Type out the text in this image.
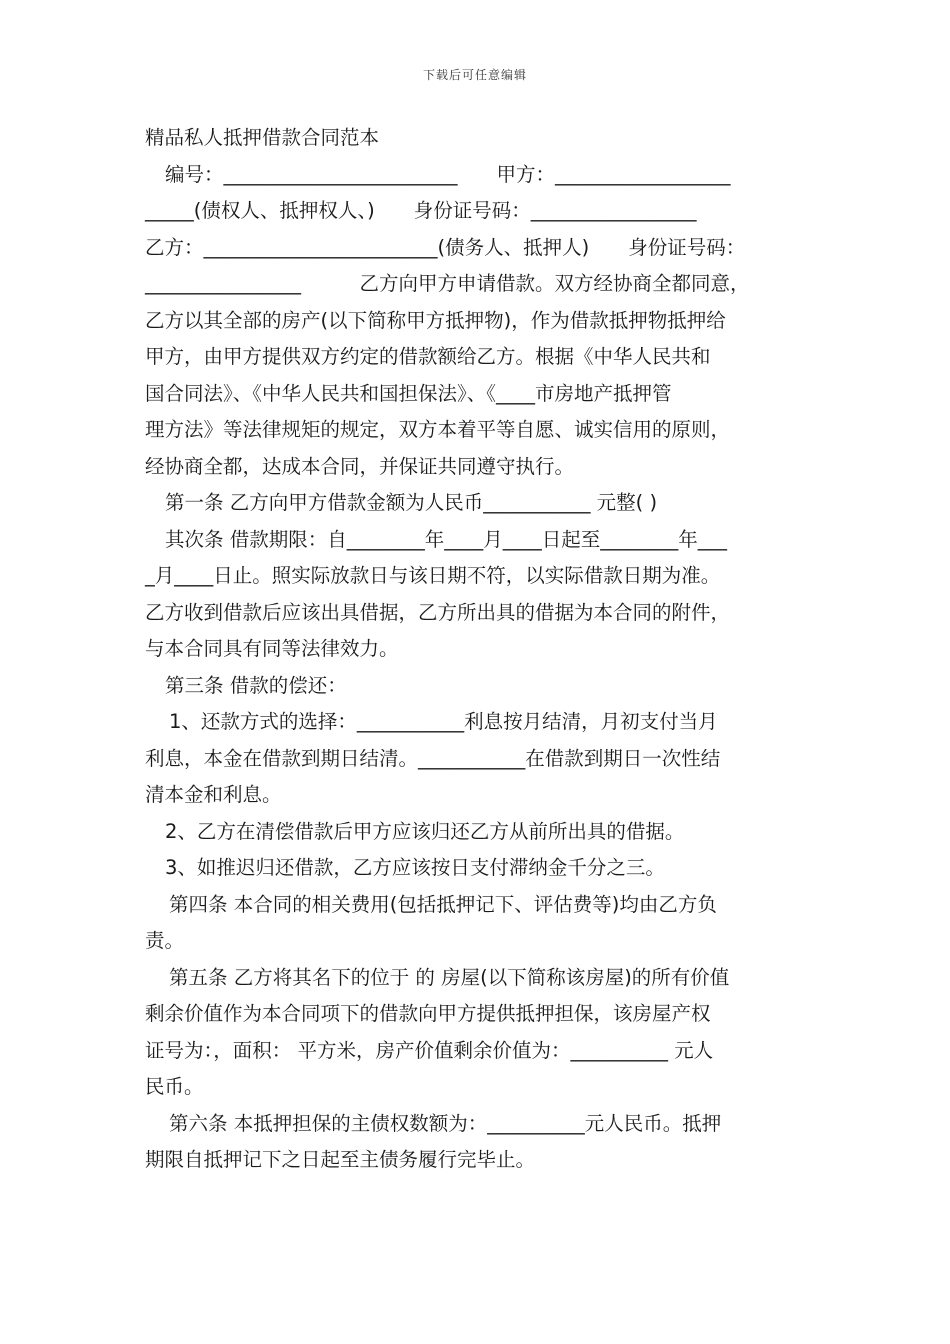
下载后可任意编辑
精品私人抵押借款合同范本
编号：________________________　　甲方：__________________
_____(债权人、抵押权人、)　　身份证号码：_________________
乙方：________________________(债务人、抵押人)　　身份证号码：
________________　　　乙方向甲方申请借款。双方经协商全都同意，
乙方以其全部的房产(以下简称甲方抵押物)，作为借款抵押物抵押给
甲方，由甲方提供双方约定的借款额给乙方。根据《中华人民共和
国合同法》、《中华人民共和国担保法》、《____市房地产抵押管
理方法》等法律规矩的规定，双方本着平等自愿、诚实信用的原则，
经协商全都，达成本合同，并保证共同遵守执行。
第一条 乙方向甲方借款金额为人民币___________ 元整( )
其次条 借款期限：自________年____月____日起至________年___
_月____日止。照实际放款日与该日期不符，以实际借款日期为准。
乙方收到借款后应该出具借据，乙方所出具的借据为本合同的附件，
与本合同具有同等法律效力。
第三条 借款的偿还：
1、还款方式的选择：___________利息按月结清，月初支付当月
利息，本金在借款到期日结清。___________在借款到期日一次性结
清本金和利息。
2、乙方在清偿借款后甲方应该归还乙方从前所出具的借据。
3、如推迟归还借款，乙方应该按日支付滞纳金千分之三。
第四条 本合同的相关费用(包括抵押记下、评估费等)均由乙方负
责。
第五条 乙方将其名下的位于 的 房屋(以下简称该房屋)的所有价值
剩余价值作为本合同项下的借款向甲方提供抵押担保，该房屋产权
证号为：，面积： 平方米，房产价值剩余价值为：__________ 元人
民币。
第六条 本抵押担保的主债权数额为：__________元人民币。抵押
期限自抵押记下之日起至主债务履行完毕止。
